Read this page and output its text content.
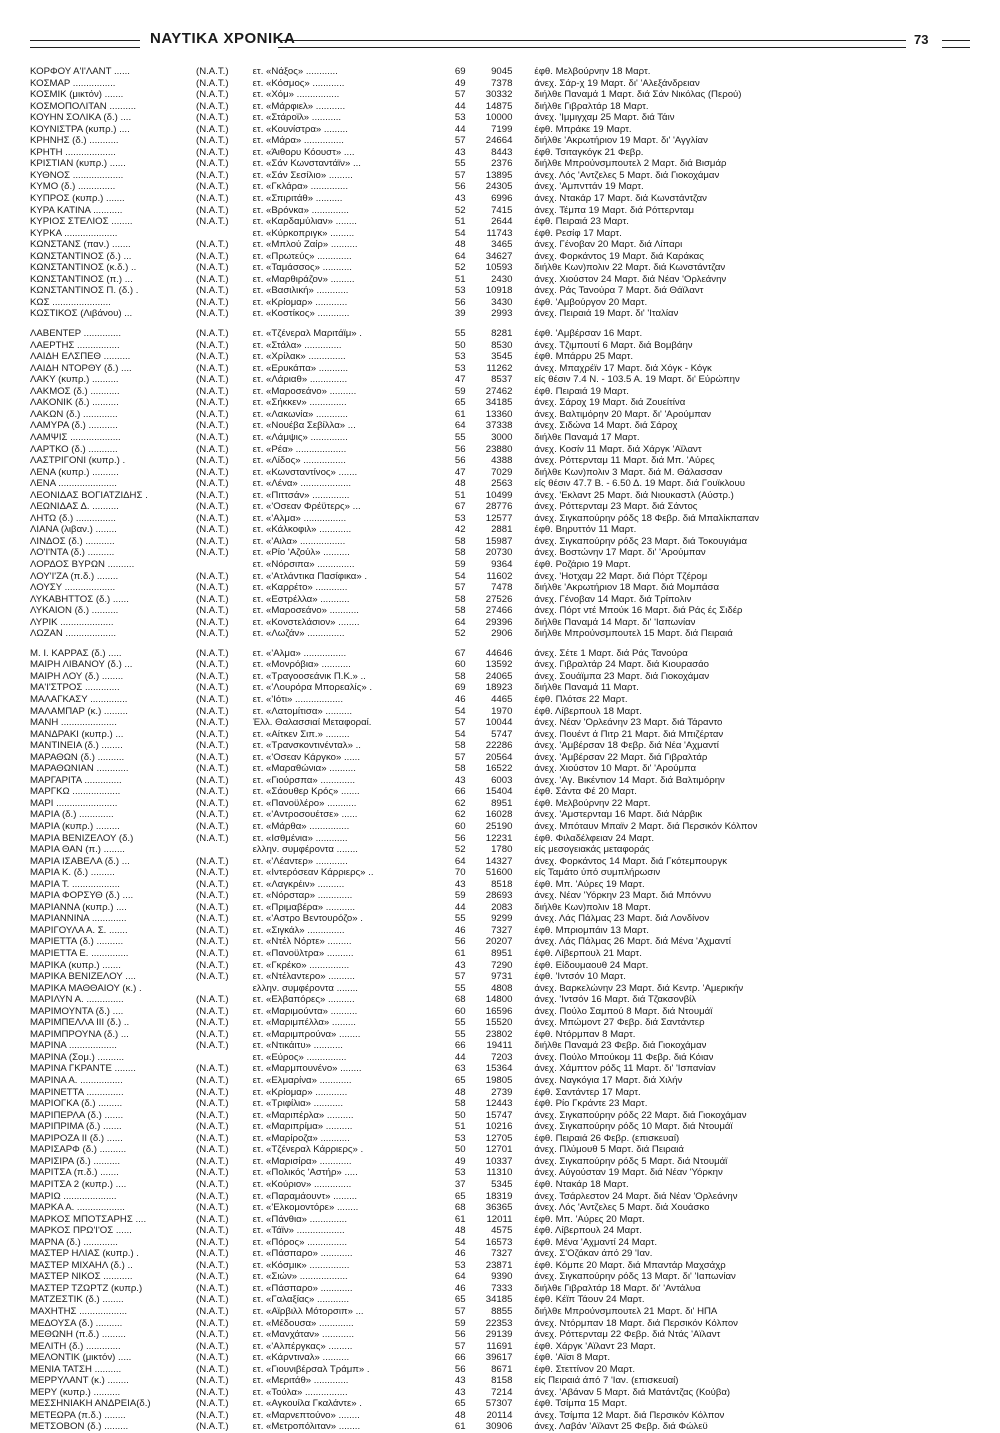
ΝΑΥΤΙΚΑ ΧΡΟΝΙΚΑ	73
ΚΟΡΦΟΥ Α'Ι'ΛΑΝΤ ......	(N.A.T.)	ετ. «Νάξος» ............	69	9045	έφθ. Μελβούρνην 18 Μαρτ.
ΚΟΣΜΑΡ ................	(N.A.T.)	ετ. «Κόσμος» ............	49	7378	άνεχ. Σάρ-χ 19 Μαρτ. δι' 'Αλεξάνδρειαν
ΚΟΣΜΙΚ (μικτόν) .......	(N.A.T.)	ετ. «Χόμ» ................	57	30332	διήλθε Παναμά 1 Μαρτ. διά Σάν Νικόλας (Περού)
ΚΟΣΜΟΠΟΛΙΤΑΝ ..........	(N.A.T.)	ετ. «Μάρφιελ» ...........	44	14875	διήλθε Γιβραλτάρ 18 Μαρτ.
ΚΟΥΗΝ ΣΟΛΙΚΑ (δ.) ....	(N.A.T.)	ετ. «Στάροϊλ» ...........	53	10000	άνεχ. 'Ιμμιγχαμ 25 Μαρτ. διά Τάιν
ΚΟΥΝΙΣΤΡΑ (κυπρ.) ....	(N.A.T.)	ετ. «Κουνίστρα» .........	44	7199	έφθ. Μπράκε 19 Μαρτ.
ΚΡΗΝΗΣ (δ.) ...........	(N.A.T.)	ετ. «Μάρα» ...............	57	24664	διήλθε 'Ακρωτήριον 19 Μαρτ. δι' 'Αγγλίαν
ΚΡΗΤΗ ...................	(N.A.T.)	ετ. «Άιθορυ Κόουστ» ....	43	8443	έφθ. Τσιταγκόγκ 21 Φεβρ.
ΚΡΙΣΤΙΑΝ (κυπρ.) ......	(N.A.T.)	ετ. «Σάν Κωνσταντάϊν» ...	55	2376	διήλθε Μπρούνσμπουτελ 2 Μαρτ. διά Βισμάρ
ΚΥΘΝΟΣ ...................	(N.A.T.)	ετ. «Σάν Σεσίλιο» .........	57	13895	άνεχ. Λός 'Αντζελες 5 Μαρτ. διά Γιοκοχάμαν
ΚΥΜΟ (δ.) ..............	(N.A.T.)	ετ. «Γκλάρα» ..............	56	24305	άνεχ. 'Αμπνττάν 19 Μαρτ.
ΚΥΠΡΟΣ (κυπρ.) .......	(N.A.T.)	ετ. «Σπιριτάθ» ..........	43	6996	άνεχ. Ντακάρ 17 Μαρτ. διά Κωνστάντζαν
ΚΥΡΑ ΚΑΤΙΝΑ ...........	(N.A.T.)	ετ. «Βρόνκα» ..............	52	7415	άνεχ. Τέμπα 19 Μαρτ. διά Ρόττερνταμ
ΚΥΡΙΟΣ ΣΤΕΛΙΟΣ ........	(N.A.T.)	ετ. «Καρδαμύλιαν» ........	51	2644	έφθ. Πειραιά 23 Μαρτ.
ΚΥΡΚΑ ....................	ετ. «Κύρκοπριγκ» .........	54	11743	έφθ. Ρεσίφ 17 Μαρτ.
ΚΩΝΣΤΑΝΣ (παν.) .......	(N.A.T.)	ετ. «Μπλού Ζαίρ» ..........	48	3465	άνεχ. Γένοβαν 20 Μαρτ. διά Λίπαρι
ΚΩΝΣΤΑΝΤΙΝΟΣ (δ.) ...	(N.A.T.)	ετ. «Πρωτεύς» .............	64	34627	άνεχ. Φορκάντος 19 Μαρτ. διά Καράκας
ΚΩΝΣΤΑΝΤΙΝΟΣ (κ.δ.) ..	(N.A.T.)	ετ. «Ταμάσσος» ...........	52	10593	διήλθε Κων)πολιν 22 Μαρτ. διά Κωνστάντζαν
ΚΩΝΣΤΑΝΤΙΝΟΣ (π.) ...	(N.A.T.)	ετ. «Μαρθιράζον» .........	51	2430	άνεχ. Χιούστον 24 Μαρτ. διά Νέαν 'Ορλεάνην
ΚΩΝΣΤΑΝΤΙΝΟΣ Π. (δ.) .	(N.A.T.)	ετ. «Βασιλική» ............	53	10918	άνεχ. Ράς Τανούρα 7 Μαρτ. διά Θάϊλαντ
ΚΩΣ ......................	(N.A.T.)	ετ. «Κρίομαρ» ............	56	3430	έφθ. 'Αμβούργον 20 Μαρτ.
ΚΩΣΤΙΚΟΣ (Λιβάνου) ...	(N.A.T.)	ετ. «Κοστίκος» ............	39	2993	άνεχ. Πειραιά 19 Μαρτ. δι' 'Ιταλίαν
ΛΑΒΕΝΤΕΡ ..............	(N.A.T.)	ετ. «Τζένεραλ Μαριτάϊμ» .	55	8281	έφθ. 'Αμβέρσαν 16 Μαρτ.
ΛΑΕΡΤΗΣ ................	(N.A.T.)	ετ. «Στάλα» ..............	50	8530	άνεχ. Τζιμπουτί 6 Μαρτ. διά Βομβάην
ΛΑΙΔΗ ΕΛΣΠΕΘ ..........	(N.A.T.)	ετ. «Χρίλακ» ..............	53	3545	έφθ. Μπάρρυ 25 Μαρτ.
ΛΑΙΔΗ ΝΤΟΡΘΥ (δ.) ....	(N.A.T.)	ετ. «Ερυκάπα» ...........	53	11262	άνεχ. Μπαχρέϊν 17 Μαρτ. διά Χόγκ - Κόγκ
ΛΑΚΥ (κυπρ.) ..........	(N.A.T.)	ετ. «Λάριαθ» ..............	47	8537	είς θέσιν 7.4 Ν. - 103.5 Α. 19 Μαρτ. δι' Εύρώπην
ΛΑΚΜΟΣ (δ.) ...........	(N.A.T.)	ετ. «Μαροσεάνο» ..........	59	27462	έφθ. Πειραιά 19 Μαρτ.
ΛΑΚΟΝΙΚ (δ.) ..........	(N.A.T.)	ετ. «Σήκκεν» ..............	65	34185	άνεχ. Σάροχ 19 Μαρτ. διά Ζουείτίνα
ΛΑΚΩΝ (δ.) .............	(N.A.T.)	ετ. «Λακωνία» ............	61	13360	άνεχ. Βαλτιμόρην 20 Μαρτ. δι' 'Αρούμπαν
ΛΑΜΥΡΑ (δ.) ...........	(N.A.T.)	ετ. «Νουέβα Σεβίλλα» ...	64	37338	άνεχ. Σιδώνα 14 Μαρτ. διά Σάροχ
ΛΑΜΨΙΣ ...................	(N.A.T.)	ετ. «Λάμψις» ..............	55	3000	διήλθε Παναμά 17 Μαρτ.
ΛΑΡΤΚΟ (δ.) ...........	(N.A.T.)	ετ. «Ρέα» ...................	56	23880	άνεχ. Κοσίν 11 Μαρτ. διά Χάργκ 'Αϊλαντ
ΛΑΣΤΡΙΓΟΝΙ (κυπρ.) .	(N.A.T.)	ετ. «Λίδος» ................	56	4388	άνεχ. Ρόττερνταμ 11 Μαρτ. διά Μπ. 'Αύρες
ΛΕΝΑ (κυπρ.) ..........	(N.A.T.)	ετ. «Κωνσταντίνος» .......	47	7029	διήλθε Κων)πολιν 3 Μαρτ. διά Μ. Θάλασσαν
ΛΕΝΑ ......................	(N.A.T.)	ετ. «Λένα» ...................	48	2563	είς θέσιν 47.7 Β. - 6.50 Δ. 19 Μαρτ. διά Γουϊκλουυ
ΛΕΟΝΙΔΑΣ ΒΟΓΙΑΤΖΙΔΗΣ .	(N.A.T.)	ετ. «Πιττσάν» ..............	51	10499	άνεχ. 'Εκλαντ 25 Μαρτ. διά Νιουκαστλ (Αύστρ.)
ΛΕΩΝΙΔΑΣ Δ. ..........	(N.A.T.)	ετ. «'Οσεαν Φρέϋτερς» ...	67	28776	άνεχ. Ρόττερνταμ 23 Μαρτ. διά Σάντος
ΛΗΤΩ (δ.) ...............	(N.A.T.)	ετ. «'Αλμα» ................	53	12577	άνεχ. Σιγκαπούρην ρόδς 18 Φεβρ. διά Μπαλίκπαπαν
ΛΙΑΝΑ (λιβαν.) ........	(N.A.T.)	ετ. «Κάλκοφιλ» ............	42	2881	έφθ. Βηρυττόν 11 Μαρτ.
ΛΙΝΔΟΣ (δ.) ...........	(N.A.T.)	ετ. «'Αιλα» .................	58	15987	άνεχ. Σιγκαπούρην ρόδς 23 Μαρτ. διά Τοκουγιάμα
ΛΟ'Ι'ΝΤΑ (δ.) ..........	(N.A.T.)	ετ. «Ρίο 'Αζούλ» ..........	58	20730	άνεχ. Βοστώνην 17 Μαρτ. δι' 'Αρούμπαν
ΛΟΡΔΟΣ ΒΥΡΩΝ ..........	ετ. «Νόρσιπα» ..............	59	9364	έφθ. Ροζάριο 19 Μαρτ.
ΛΟΥ'Ι'ΖΑ (π.δ.) ........	(N.A.T.)	ετ. «'Ατλάντικα Πασίφικα» .	54	11602	άνεχ. 'Ηοτχαμ 22 Μαρτ. διά Πόρτ Τζέρομ
ΛΟΥΣΥ ...................	(N.A.T.)	ετ. «Καρρέτο» ............	57	7478	διήλθε 'Ακρωτήριον 18 Μαρτ. διά Μομπάσα
ΛΥΚΑΒΗΤΤΟΣ (δ.) ......	(N.A.T.)	ετ. «Εστρέλλα» ...........	58	27526	άνεχ. Γένοβαν 14 Μαρτ. διά Τρίπολιν
ΛΥΚΑΙΟΝ (δ.) ..........	(N.A.T.)	ετ. «Μαροσεάνο» ...........	58	27466	άνεχ. Πόρτ ντέ Μπούκ 16 Μαρτ. διά Ράς ές Σιδέρ
ΛΥΡΙΚ ....................	(N.A.T.)	ετ. «Κονστελάσιον» ........	64	29396	διήλθε Παναμά 14 Μαρτ. δι' 'Ιαπωνίαν
ΛΩΖΑΝ ...................	(N.A.T.)	ετ. «Λωζάν» ..............	52	2906	διήλθε Μπρούνσμπουτελ 15 Μαρτ. διά Πειραιά
Μ. Ι. ΚΑΡΡΑΣ (δ.) .....	(N.A.T.)	ετ. «'Αλμα» ................	67	44646	άνεχ. Σέτε 1 Μαρτ. διά Ράς Τανούρα
ΜΑΙΡΗ ΛΙΒΑΝΟΥ (δ.) ...	(N.A.T.)	ετ. «Μονρόβια» ...........	60	13592	άνεχ. Γιβραλτάρ 24 Μαρτ. διά Κιουρασάο
ΜΑΙΡΗ ΛΟΥ (δ.) ........	(N.A.T.)	ετ. «Τραγοοσεάνικ Π.Κ.» ..	58	24065	άνεχ. Σουάϊμπα 23 Μαρτ. διά Γιοκοχάμαν
ΜΑ'Ι'ΣΤΡΟΣ .............	(N.A.T.)	ετ. «'Λουρόρα Μπορεαλίς» .	69	18923	διήλθε Παναμά 11 Μαρτ.
ΜΑΛΑΓΚΑΣΥ ..............	(N.A.T.)	ετ. «'Ιότι» ..................	46	4465	έφθ. Πλότσε 22 Μαρτ.
ΜΑΛΑΜΠΑΡ (κ.) .........	(N.A.T.)	ετ. «Λατομίτισα» ..........	54	1970	έφθ. Λίβερπουλ 18 Μαρτ.
ΜΑΝΗ .....................	(N.A.T.)	Έλλ. Θαλασσιαί Μεταφοραί.	57	10044	άνεχ. Νέαν 'Ορλεάνην 23 Μαρτ. διά Τάραντο
ΜΑΝΔΡΑΚΙ (κυπρ.) ...	(N.A.T.)	ετ. «Αίτκεν Σιπ.» .........	54	5747	άνεχ. Πουέντ ά Πιτρ 21 Μαρτ. διά Μπιζέρταν
ΜΑΝΤΙΝΕΙΑ (δ.) ........	(N.A.T.)	ετ. «Τρανσκοντινένταλ» ..	58	22286	άνεχ. 'Αμβέρσαν 18 Φεβρ. διά Νέα 'Αχμαντί
ΜΑΡΑΘΩΝ (δ.) ..........	(N.A.T.)	ετ. «'Οσεαν Κάργκο» ......	57	20564	άνεχ. 'Αμβέρσαν 22 Μαρτ. διά Γιβραλτάρ
ΜΑΡΑΘΩΝΙΑΝ ............	(N.A.T.)	ετ. «Μαραθώνια» ..........	58	16522	άνεχ. Χιούστον 10 Μαρτ. δι' 'Αρούμπα
ΜΑΡΓΑΡΙΤΑ ..............	(N.A.T.)	ετ. «Γιούρσπα» .............	43	6003	άνεχ. 'Αγ. Βικέντιον 14 Μαρτ. διά Βαλτιμόρην
ΜΑΡΓΚΩ ..................	(N.A.T.)	ετ. «Σάουθερ Κρός» .......	66	15404	έφθ. Σάντα Φέ 20 Μαρτ.
ΜΑΡΙ .......................	(N.A.T.)	ετ. «Πανοϋλέρο» ...........	62	8951	έφθ. Μελβούρνην 22 Μαρτ.
ΜΑΡΙΑ (δ.) .............	(N.A.T.)	ετ. «'Αντροσουέτσε» ......	62	16028	άνεχ. 'Αμστερνταμ 16 Μαρτ. διά Νάρβικ
ΜΑΡΙΑ (κυπρ.) .........	(N.A.T.)	ετ. «Μάρθα» ...............	60	25190	άνεχ. Μπόταυν Μπαϊν 2 Μαρτ. διά Περσικόν Κόλπον
ΜΑΡΙΑ ΒΕΝΙΖΕΛΟΥ (δ.)	(N.A.T.)	ετ. «Ισθμένια» ............	56	12231	έφθ. Φιλαδέλφειαν 24 Μαρτ.
ΜΑΡΙΑ ΘΑΝ (π.) ........	ελλην. συμφέροντα ........	52	1780	είς μεσογειακάς μεταφοράς
ΜΑΡΙΑ ΙΣΑΒΕΛΑ (δ.) ...	(N.A.T.)	ετ. «'Λέαντερ» ............	64	14327	άνεχ. Φορκάντος 14 Μαρτ. διά Γκότεμπουργκ
ΜΑΡΙΑ Κ. (δ.) .........	(N.A.T.)	ετ. «Ιντερόσεαν Κάρριερς» ..	70	51600	είς Ταμάτο ύπό συμπλήρωσιν
ΜΑΡΙΑ Τ. ..................	(N.A.T.)	ετ. «Λαγκρέιν» ..........	43	8518	έφθ. Μπ. 'Αύρες 19 Μαρτ.
ΜΑΡΙΑ ΦΟΡΣΥΘ (δ.) ....	(N.A.T.)	ετ. «Νόρσταρ» .............	59	28693	άνεχ. Νέαν 'Υόρκην 23 Μαρτ. διά Μπόννυ
ΜΑΡΙΑΝΝΑ (κυπρ.) ....	(N.A.T.)	ετ. «Πριμαβέρα» ...........	44	2083	διήλθε Κων)πολιν 18 Μαρτ.
ΜΑΡΙΑΝΝΙΝΑ .............	(N.A.T.)	ετ. «'Αστρο Βεντουρόζο» .	55	9299	άνεχ. Λάς Πάλμας 23 Μαρτ. διά Λονδίνον
ΜΑΡΙΓΟΥΛΑ Α. Σ. .......	(N.A.T.)	ετ. «Σιγκάλ» ..............	46	7327	έφθ. Μπριομπάιν 13 Μαρτ.
ΜΑΡΙΕΤΤΑ (δ.) ..........	(N.A.T.)	ετ. «Ντέλ Νόρτε» .........	56	20207	άνεχ. Λάς Πάλμας 26 Μαρτ. διά Μένα 'Αχμαντί
ΜΑΡΙΕΤΤΑ Ε. ..............	(N.A.T.)	ετ. «Πανοϋλτρα» ..........	61	8951	έφθ. Λίβερπουλ 21 Μαρτ.
ΜΑΡΙΚΑ (κυπρ.) .......	(N.A.T.)	ετ. «Γκρέκο» ...............	43	7290	έφθ. Είδουμαουθ 24 Μαρτ.
ΜΑΡΙΚΑ ΒΕΝΙΖΕΛΟΥ ....	(N.A.T.)	ετ. «Ντέλαντερο» ..........	57	9731	έφθ. 'Ιντσόν 10 Μαρτ.
ΜΑΡΙΚΑ ΜΑΘΘΑΙΟΥ (κ.) .	ελλην. συμφέροντα ........	55	4808	άνεχ. Βαρκελώνην 23 Μαρτ. διά Κεντρ. 'Αμερικήν
ΜΑΡΙΛΥΝ Α. ..............	(N.A.T.)	ετ. «Ελβαπόρες» ..........	68	14800	άνεχ. 'Ιντσόν 16 Μαρτ. διά Τζακσονβίλ
ΜΑΡΙΜΟΥΝΤΑ (δ.) ....	(N.A.T.)	ετ. «Μαριμούντα» ..........	60	16596	άνεχ. Πούλο Σαμπού 8 Μαρτ. διά Ντουμάϊ
ΜΑΡΙΜΠΕΛΛΑ ΙΙΙ (δ.) ..	(N.A.T.)	ετ. «Μαριμπέλλα» .........	55	15520	άνεχ. Μπώμοντ 27 Φεβρ. διά Σαντάντερ
ΜΑΡΙΜΠΡΟΥΝΑ (δ.) ...	(N.A.T.)	ετ. «Μαριμπρούνα» ........	55	23802	έφθ. Ντόρμπαν 8 Μαρτ.
ΜΑΡΙΝΑ ..................	(N.A.T.)	ετ. «Ντικάιτυ» ...........	66	19411	διήλθε Παναμά 23 Φεβρ. διά Γιοκοχάμαν
ΜΑΡΙΝΑ (Σομ.) ..........	ετ. «Εύρος» ...............	44	7203	άνεχ. Πούλο Μπούκομ 11 Φεβρ. διά Κόιαν
ΜΑΡΙΝΑ ΓΚΡΑΝΤΕ ........	(N.A.T.)	ετ. «Μαρμπουνένο» ........	63	15364	άνεχ. Χάμπτον ρόδς 11 Μαρτ. δι' 'Ισπανίαν
ΜΑΡΙΝΑ Α. ................	(N.A.T.)	ετ. «Ελμαρίνα» ............	65	19805	άνεχ. Ναγκόγια 17 Μαρτ. διά Χιλήν
ΜΑΡΙΝΕΤΤΑ ..............	(N.A.T.)	ετ. «Κρίομαρ» ............	48	2739	έφθ. Σαντάντερ 17 Μαρτ.
ΜΑΡΙΟΓΚΑ (δ.) .........	(N.A.T.)	ετ. «Τριφίλια» ...........	58	12443	έφθ. Ρίο Γκράντε 23 Μαρτ.
ΜΑΡΙΠΕΡΛΑ (δ.) .......	(N.A.T.)	ετ. «Μαριπέρλα» ..........	50	15747	άνεχ. Σιγκαπούρην ρόδς 22 Μαρτ. διά Γιοκοχάμαν
ΜΑΡΙΠΡΙΜΑ (δ.) .......	(N.A.T.)	ετ. «Μαριπρίμα» ..........	51	10216	άνεχ. Σιγκαπούρην ρόδς 10 Μαρτ. διά Ντουμάϊ
ΜΑΡΙΡΟΖΑ ΙΙ (δ.) ......	(N.A.T.)	ετ. «Μαρίροζα» ...........	53	12705	έφθ. Πειραιά 26 Φεβρ. (επισκευαί)
ΜΑΡΙΣΑΡΦ (δ.) ..........	(N.A.T.)	ετ. «Τζένεραλ Κάρριερς» .	50	12701	άνεχ. Πλύμουθ 5 Μαρτ. διά Πειραιά
ΜΑΡΙΣΙΡΑ (δ.) ..........	(N.A.T.)	ετ. «Μαρισίρα» ............	49	10337	άνεχ. Σιγκαπούρην ρόδς 5 Μαρτ. διά Ντουμάϊ
ΜΑΡΙΤΣΑ (π.δ.) .......	(N.A.T.)	ετ. «Πολικός 'Αστήρ» .....	53	11310	άνεχ. Αύγούσταν 19 Μαρτ. διά Νέαν 'Υόρκην
ΜΑΡΙΤΣΑ 2 (κυπρ.) ....	(N.A.T.)	ετ. «Κούριον» ..............	37	5345	έφθ. Ντακάρ 18 Μαρτ.
ΜΑΡΙΩ ....................	(N.A.T.)	ετ. «Παραμάουντ» .........	65	18319	άνεχ. Τσάρλεστον 24 Μαρτ. διά Νέαν 'Ορλεάνην
ΜΑΡΚΑ Α. ..................	(N.A.T.)	ετ. «'Ελκομοντόρε» ........	68	36365	άνεχ. Λός 'Αντζελες 5 Μαρτ. διά Χουάσκο
ΜΑΡΚΟΣ ΜΠΟΤΣΑΡΗΣ ....	(N.A.T.)	ετ. «Πάνθια» ..............	61	12011	έφθ. Μπ. 'Αύρες 20 Μαρτ.
ΜΑΡΚΟΣ ΠΡΩ'Ι'ΟΣ ......	(N.A.T.)	ετ. «Τάϊν» ..................	48	4575	έφθ. Λίβερπουλ 24 Μαρτ.
ΜΑΡΝΑ (δ.) .............	(N.A.T.)	ετ. «Πόρος» ...............	54	16573	έφθ. Μένα 'Αχμαντί 24 Μαρτ.
ΜΑΣΤΕΡ ΗΛΙΑΣ (κυπρ.) .	(N.A.T.)	ετ. «Πάσπαρο» ............	46	7327	άνεχ. Σ'Οζάκαν άπό 29 'Ιαν.
ΜΑΣΤΕΡ ΜΙΧΑΗΛ (δ.) ..	(N.A.T.)	ετ. «Κόσμικ» ...............	53	23871	έφθ. Κόμπε 20 Μαρτ. διά Μπαντάρ Μαχσάχρ
ΜΑΣΤΕΡ ΝΙΚΟΣ ...........	(N.A.T.)	ετ. «Σιών» ..................	64	9390	άνεχ. Σιγκαπούρην ρόδς 13 Μαρτ. δι' 'Ιαπωνίαν
ΜΑΣΤΕΡ ΤΖΩΡΤΖ (κυπρ.)	(N.A.T.)	ετ. «Πάσπαρο» ............	46	7333	διήλθε Γιβραλτάρ 18 Μαρτ. δι' 'Αντάλυα
ΜΑΤΖΕΣΤΙΚ (δ.) ........	(N.A.T.)	ετ. «Γαλαξίας» ............	65	34185	έφθ. Κέϊπ Τάουν 24 Μαρτ.
ΜΑΧΗΤΗΣ ..................	(N.A.T.)	ετ. «Αϊρβιλλ Μότορσιπ» ...	57	8855	διήλθε Μπρούνσμπουτελ 21 Μαρτ. δι' ΗΠΑ
ΜΕΔΟΥΣΑ (δ.) ..........	(N.A.T.)	ετ. «Μέδουσα» .............	59	22353	άνεχ. Ντόρμπαν 18 Μαρτ. διά Περσικόν Κόλπον
ΜΕΘΩΝΗ (π.δ.) .........	(N.A.T.)	ετ. «Μανχάταν» ............	56	29139	άνεχ. Ρόττερνταμ 22 Φεβρ. διά Ντάς 'Αϊλαντ
ΜΕΛΙΤΗ (δ.) .............	(N.A.T.)	ετ. «'Αλπέργκας» .........	57	11691	έφθ. Χάργκ 'Αϊλαντ 23 Μαρτ.
ΜΕΛΟΝΤΙΚ (μικτόν) .....	(N.A.T.)	ετ. «Κάρντιναλ» ..........	66	39617	έφθ. 'Αϊσι 8 Μαρτ.
ΜΕΝΙΑ ΤΑΤΣΗ ..........	(N.A.T.)	ετ. «Γιουνιβέρσαλ Τράμπ» .	56	8671	έφθ. Στεττίνον 20 Μαρτ.
ΜΕΡΡΥΛΑΝΤ (κ.) ........	(N.A.T.)	ετ. «Μεριτάθ» .............	43	8158	είς Πειραιά άπό 7 'Ιαν. (επισκευαί)
ΜΕΡΥ (κυπρ.) ..........	(N.A.T.)	ετ. «Τούλα» ................	43	7214	άνεχ. 'Αβάναν 5 Μαρτ. διά Ματάντζας (Κούβα)
ΜΕΣΣΗΝΙΑΚΗ ΑΝΔΡΕΙΑ(δ.)	(N.A.T.)	ετ. «Αγκουίλα Γκαλάντε» .	65	57307	έφθ. Τσίμπα 15 Μαρτ.
ΜΕΤΕΩΡΑ (π.δ.) ........	(N.A.T.)	ετ. «Μαρνεπτούνο» ........	48	20114	άνεχ. Τσίμπα 12 Μαρτ. διά Περσικόν Κόλπον
ΜΕΤΣΟΒΟΝ (δ.) .........	(N.A.T.)	ετ. «Μετροπόλιταν» ........	61	30906	άνεχ. Λαβάν 'Αϊλαντ 25 Φεβρ. διά Φώλεϋ
